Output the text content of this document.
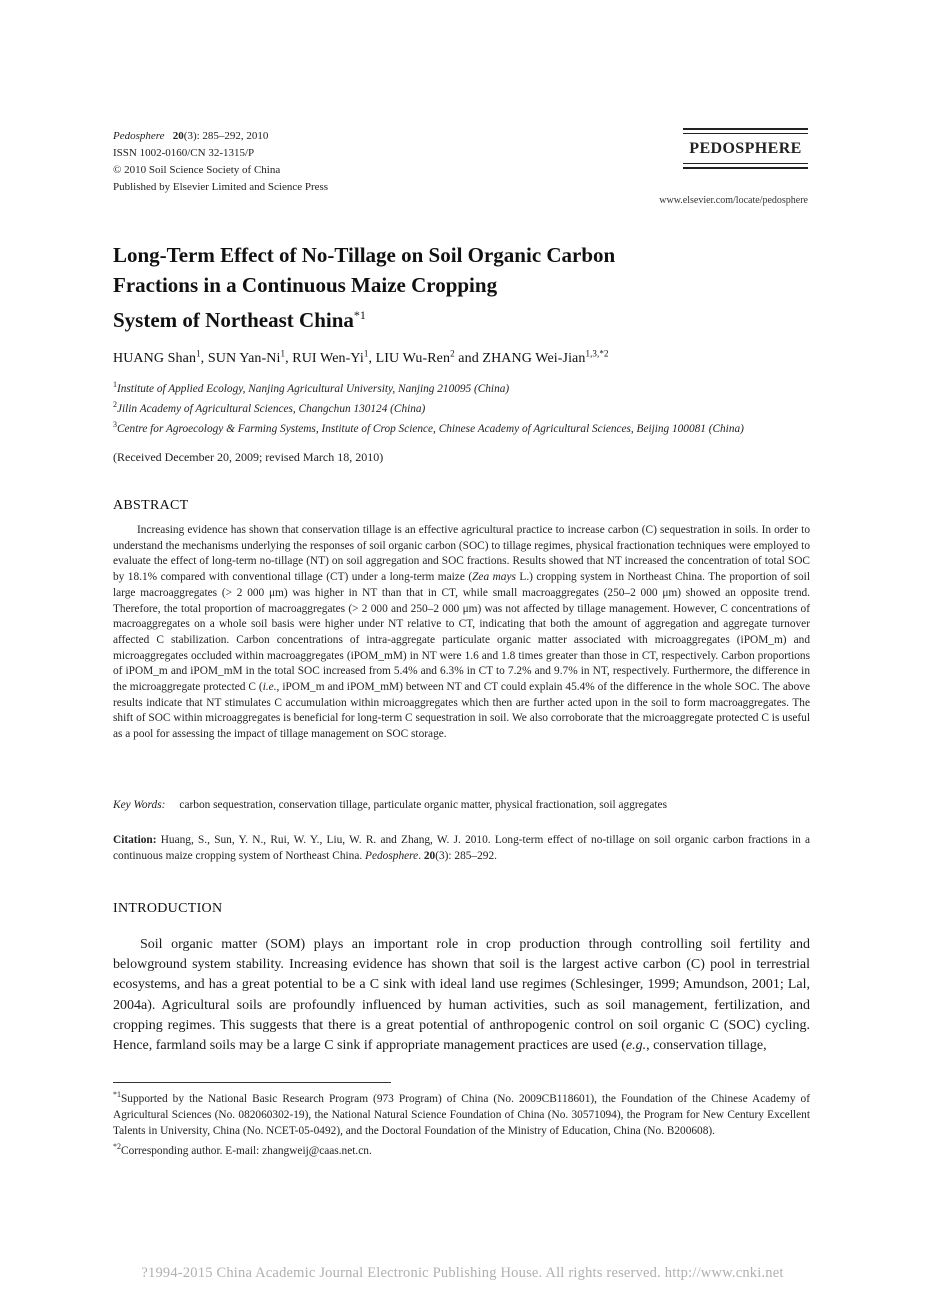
Pedosphere 20(3): 285–292, 2010
ISSN 1002-0160/CN 32-1315/P
© 2010 Soil Science Society of China
Published by Elsevier Limited and Science Press
PEDOSPHERE
www.elsevier.com/locate/pedosphere
Long-Term Effect of No-Tillage on Soil Organic Carbon
Fractions in a Continuous Maize Cropping
System of Northeast China$^{*1}$
HUANG Shan$^1$, SUN Yan-Ni$^1$, RUI Wen-Yi$^1$, LIU Wu-Ren$^2$ and ZHANG Wei-Jian$^{1,3,*2}$
$^1$Institute of Applied Ecology, Nanjing Agricultural University, Nanjing 210095 (China)
$^2$Jilin Academy of Agricultural Sciences, Changchun 130124 (China)
$^3$Centre for Agroecology & Farming Systems, Institute of Crop Science, Chinese Academy of Agricultural Sciences, Beijing 100081 (China)
(Received December 20, 2009; revised March 18, 2010)
ABSTRACT
Increasing evidence has shown that conservation tillage is an effective agricultural practice to increase carbon (C) sequestration in soils. In order to understand the mechanisms underlying the responses of soil organic carbon (SOC) to tillage regimes, physical fractionation techniques were employed to evaluate the effect of long-term no-tillage (NT) on soil aggregation and SOC fractions. Results showed that NT increased the concentration of total SOC by 18.1% compared with conventional tillage (CT) under a long-term maize (Zea mays L.) cropping system in Northeast China. The proportion of soil large macroaggregates (> 2 000 μm) was higher in NT than that in CT, while small macroaggregates (250–2 000 μm) showed an opposite trend. Therefore, the total proportion of macroaggregates (> 2 000 and 250–2 000 μm) was not affected by tillage management. However, C concentrations of macroaggregates on a whole soil basis were higher under NT relative to CT, indicating that both the amount of aggregation and aggregate turnover affected C stabilization. Carbon concentrations of intra-aggregate particulate organic matter associated with microaggregates (iPOM_m) and microaggregates occluded within macroaggregates (iPOM_mM) in NT were 1.6 and 1.8 times greater than those in CT, respectively. Carbon proportions of iPOM_m and iPOM_mM in the total SOC increased from 5.4% and 6.3% in CT to 7.2% and 9.7% in NT, respectively. Furthermore, the difference in the microaggregate protected C (i.e., iPOM_m and iPOM_mM) between NT and CT could explain 45.4% of the difference in the whole SOC. The above results indicate that NT stimulates C accumulation within microaggregates which then are further acted upon in the soil to form macroaggregates. The shift of SOC within microaggregates is beneficial for long-term C sequestration in soil. We also corroborate that the microaggregate protected C is useful as a pool for assessing the impact of tillage management on SOC storage.
Key Words: carbon sequestration, conservation tillage, particulate organic matter, physical fractionation, soil aggregates
Citation: Huang, S., Sun, Y. N., Rui, W. Y., Liu, W. R. and Zhang, W. J. 2010. Long-term effect of no-tillage on soil organic carbon fractions in a continuous maize cropping system of Northeast China. Pedosphere. 20(3): 285–292.
INTRODUCTION
Soil organic matter (SOM) plays an important role in crop production through controlling soil fertility and belowground system stability. Increasing evidence has shown that soil is the largest active carbon (C) pool in terrestrial ecosystems, and has a great potential to be a C sink with ideal land use regimes (Schlesinger, 1999; Amundson, 2001; Lal, 2004a). Agricultural soils are profoundly influenced by human activities, such as soil management, fertilization, and cropping regimes. This suggests that there is a great potential of anthropogenic control on soil organic C (SOC) cycling. Hence, farmland soils may be a large C sink if appropriate management practices are used (e.g., conservation tillage,
$^{*1}$Supported by the National Basic Research Program (973 Program) of China (No. 2009CB118601), the Foundation of the Chinese Academy of Agricultural Sciences (No. 082060302-19), the National Natural Science Foundation of China (No. 30571094), the Program for New Century Excellent Talents in University, China (No. NCET-05-0492), and the Doctoral Foundation of the Ministry of Education, China (No. B200608).
$^{*2}$Corresponding author. E-mail: zhangweij@caas.net.cn.
?1994-2015 China Academic Journal Electronic Publishing House. All rights reserved. http://www.cnki.net
